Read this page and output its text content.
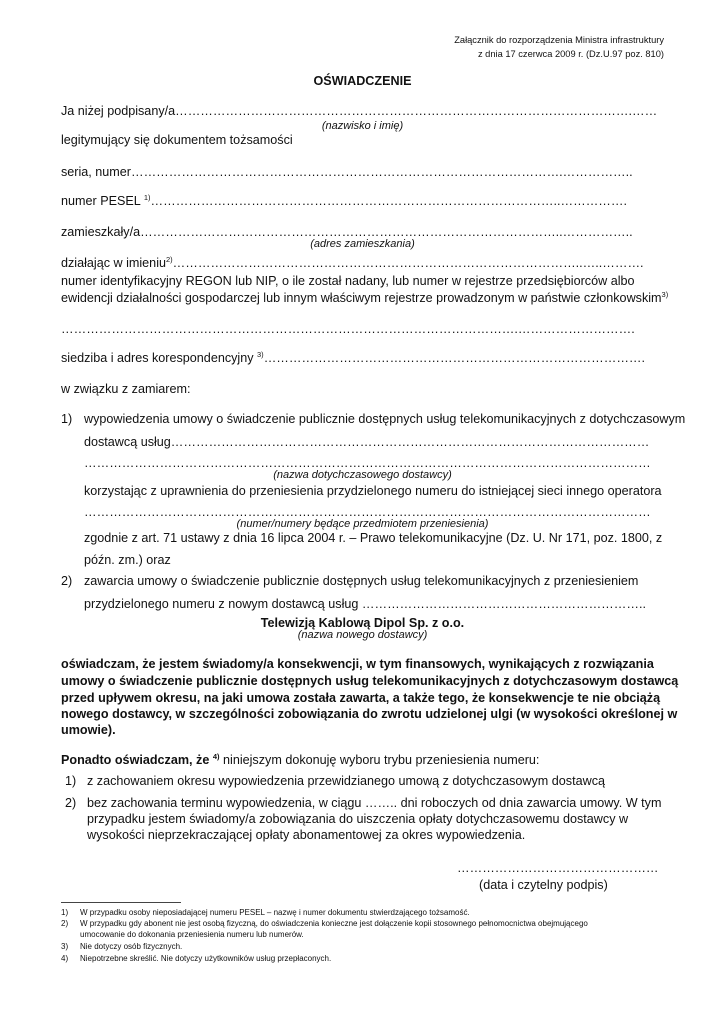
Załącznik do rozporządzenia Ministra infrastruktury
z dnia 17 czerwca 2009 r. (Dz.U.97 poz. 810)
OŚWIADCZENIE
Ja niżej podpisany/a……………………………………………………………………………………………….……
(nazwisko i imię)
legitymujący się dokumentem tożsamości
seria, numer………………………………………………………………………………………….……………..
numer PESEL $^{1)}$……………………………………………………………………………………..…………….
zamieszkały/a………………………………………………………………………………………..……………..
(adres zamieszkania)
działając w imieniu$^{2)}$……………………………………………………………………………………..…..……….
numer identyfikacyjny REGON lub NIP, o ile został nadany, lub numer w rejestrze przedsiębiorców albo
ewidencji działalności gospodarczej lub innym właściwym rejestrze prowadzonym w państwie członkowskim$^{3)}$
……………………………………………………………………………………………….……………………….
siedziba i adres korespondencyjny $^{3)}$……………………………………………………………………………….
w związku z zamiarem:
1) wypowiedzenia umowy o świadczenie publicznie dostępnych usług telekomunikacyjnych z dotychczasowym
dostawcą usług……………………………………………………………………………………………………
………………………………………………………………………………………………………………………
(nazwa dotychczasowego dostawcy)
korzystając z uprawnienia do przeniesienia przydzielonego numeru do istniejącej sieci innego operatora
………………………………………………………………………………………………………………………
(numer/numery będące przedmiotem przeniesienia)
zgodnie z art. 71 ustawy z dnia 16 lipca 2004 r. – Prawo telekomunikacyjne (Dz. U. Nr 171, poz. 1800, z
późn. zm.) oraz
2) zawarcia umowy o świadczenie publicznie dostępnych usług telekomunikacyjnych z przeniesieniem
przydzielonego numeru z nowym dostawcą usług …………………………………………………………..
Telewizją Kablową Dipol Sp. z o.o.
(nazwa nowego dostawcy)
oświadczam, że jestem świadomy/a konsekwencji, w tym finansowych, wynikających z rozwiązania
umowy o świadczenie publicznie dostępnych usług telekomunikacyjnych z dotychczasowym dostawcą
przed upływem okresu, na jaki umowa została zawarta, a także tego, że konsekwencje te nie obciążą
nowego dostawcy, w szczególności zobowiązania do zwrotu udzielonej ulgi (w wysokości określonej w
umowie).
Ponadto oświadczam, że $^{4)}$ niniejszym dokonuję wyboru trybu przeniesienia numeru:
1) z zachowaniem okresu wypowiedzenia przewidzianego umową z dotychczasowym dostawcą
2) bez zachowania terminu wypowiedzenia, w ciągu …….. dni roboczych od dnia zawarcia umowy. W tym
przypadku jestem świadomy/a zobowiązania do uiszczenia opłaty dotychczasowemu dostawcy w
wysokości nieprzekraczającej opłaty abonamentowej za okres wypowiedzenia.
…………………………………………
(data i czytelny podpis)
1) W przypadku osoby nieposiadającej numeru PESEL – nazwę i numer dokumentu stwierdzającego tożsamość.
2) W przypadku gdy abonent nie jest osobą fizyczną, do oświadczenia konieczne jest dołączenie kopii stosownego pełnomocnictwa obejmującego
umocowanie do dokonania przeniesienia numeru lub numerów.
3) Nie dotyczy osób fizycznych.
4) Niepotrzebne skreślić. Nie dotyczy użytkowników usług przepłaconych.
